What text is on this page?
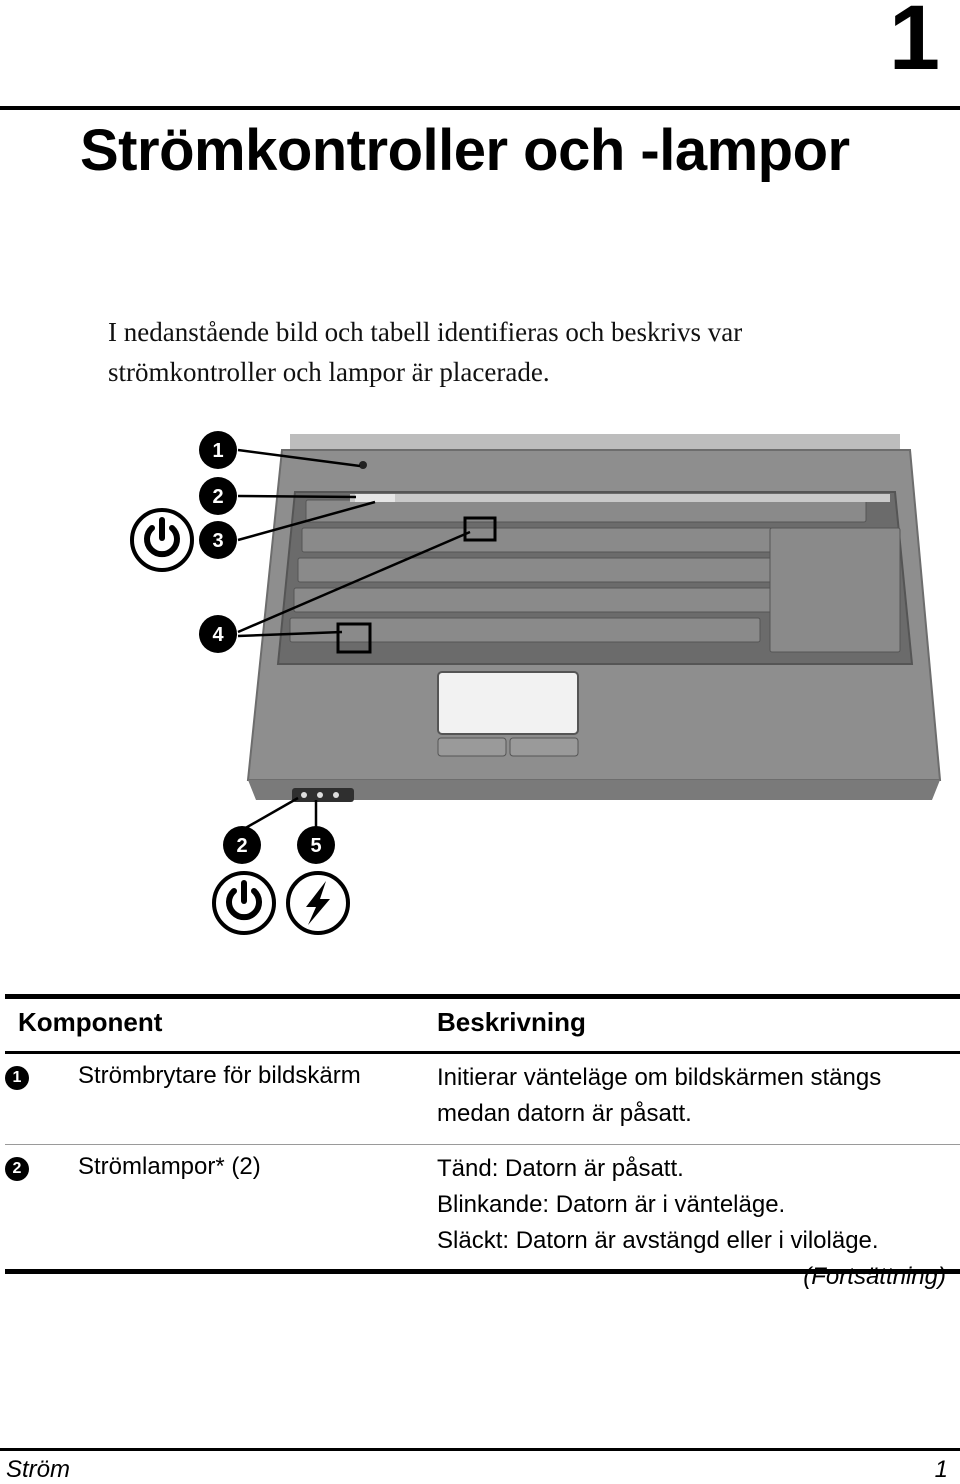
1
Strömkontroller och -lampor

I nedanstående bild och tabell identifieras och beskrivs var strömkontroller och lampor är placerade.

1
2
3
4
2	5
Komponent	Beskrivning
1	Strömbrytare för bildskärm	Initierar vänteläge om bildskärmen stängs medan datorn är påsatt.

2	Strömlampor* (2)	Tänd: Datorn är påsatt.

Blinkande: Datorn är i vänteläge.

Släckt: Datorn är avstängd eller i viloläge.

(Fortsättning)
Ström	1
